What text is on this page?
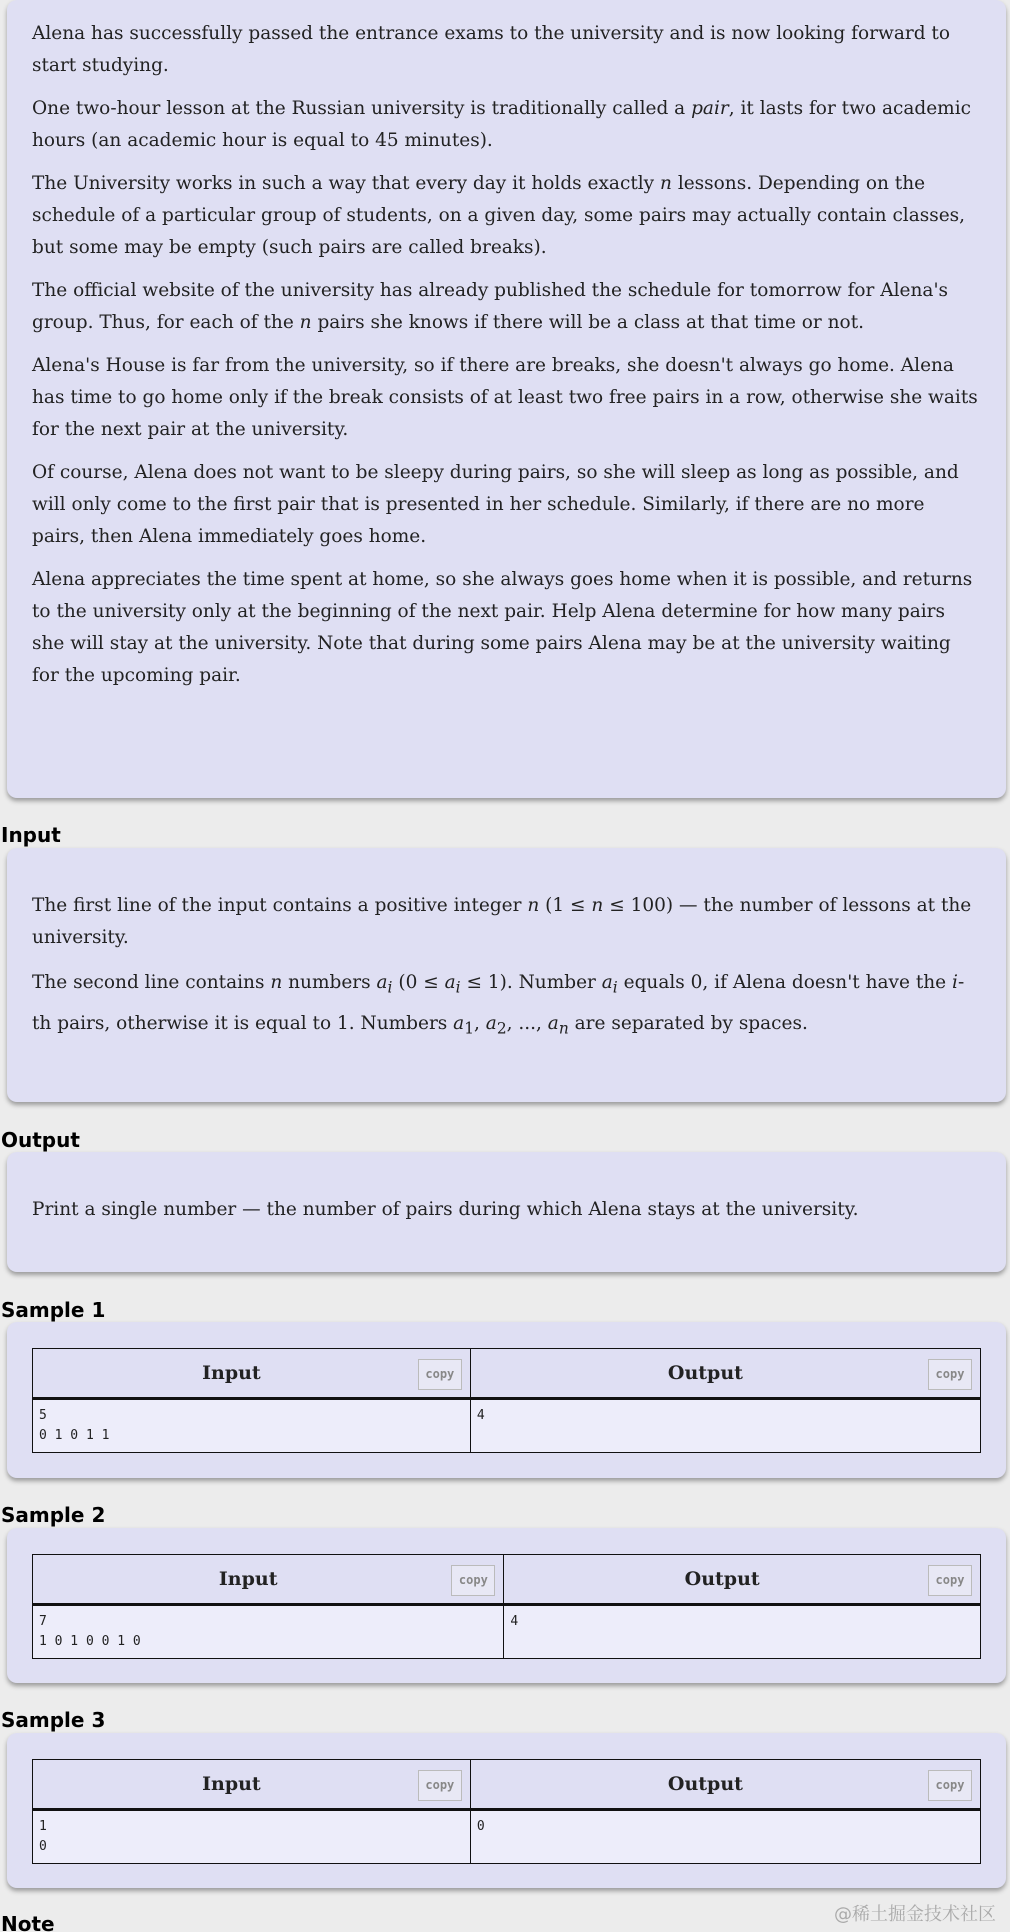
Alena has successfully passed the entrance exams to the university and is now looking forward to start studying.

One two-hour lesson at the Russian university is traditionally called a pair, it lasts for two academic hours (an academic hour is equal to 45 minutes).

The University works in such a way that every day it holds exactly n lessons. Depending on the schedule of a particular group of students, on a given day, some pairs may actually contain classes, but some may be empty (such pairs are called breaks).

The official website of the university has already published the schedule for tomorrow for Alena's group. Thus, for each of the n pairs she knows if there will be a class at that time or not.

Alena's House is far from the university, so if there are breaks, she doesn't always go home. Alena has time to go home only if the break consists of at least two free pairs in a row, otherwise she waits for the next pair at the university.

Of course, Alena does not want to be sleepy during pairs, so she will sleep as long as possible, and will only come to the first pair that is presented in her schedule. Similarly, if there are no more pairs, then Alena immediately goes home.

Alena appreciates the time spent at home, so she always goes home when it is possible, and returns to the university only at the beginning of the next pair. Help Alena determine for how many pairs she will stay at the university. Note that during some pairs Alena may be at the university waiting for the upcoming pair.

Input

The first line of the input contains a positive integer n (1 ≤ n ≤ 100) — the number of lessons at the university.

The second line contains n numbers $a_i$ $(0 \le a_i \le 1)$. Number $a_i$ equals 0, if Alena doesn't have the i-th pairs, otherwise it is equal to 1. Numbers $a_1$, $a_2$, ..., $a_n$ are separated by spaces.

Output

Print a single number — the number of pairs during which Alena stays at the university.

Sample 1
Input copy	Output copy

5
0 1 0 1 1	4
Sample 2
Input copy	Output copy

7
1 0 1 0 0 1 0	4
Sample 3
Input copy	Output copy

1
0	0
Note	@稀土掘金技术社区
